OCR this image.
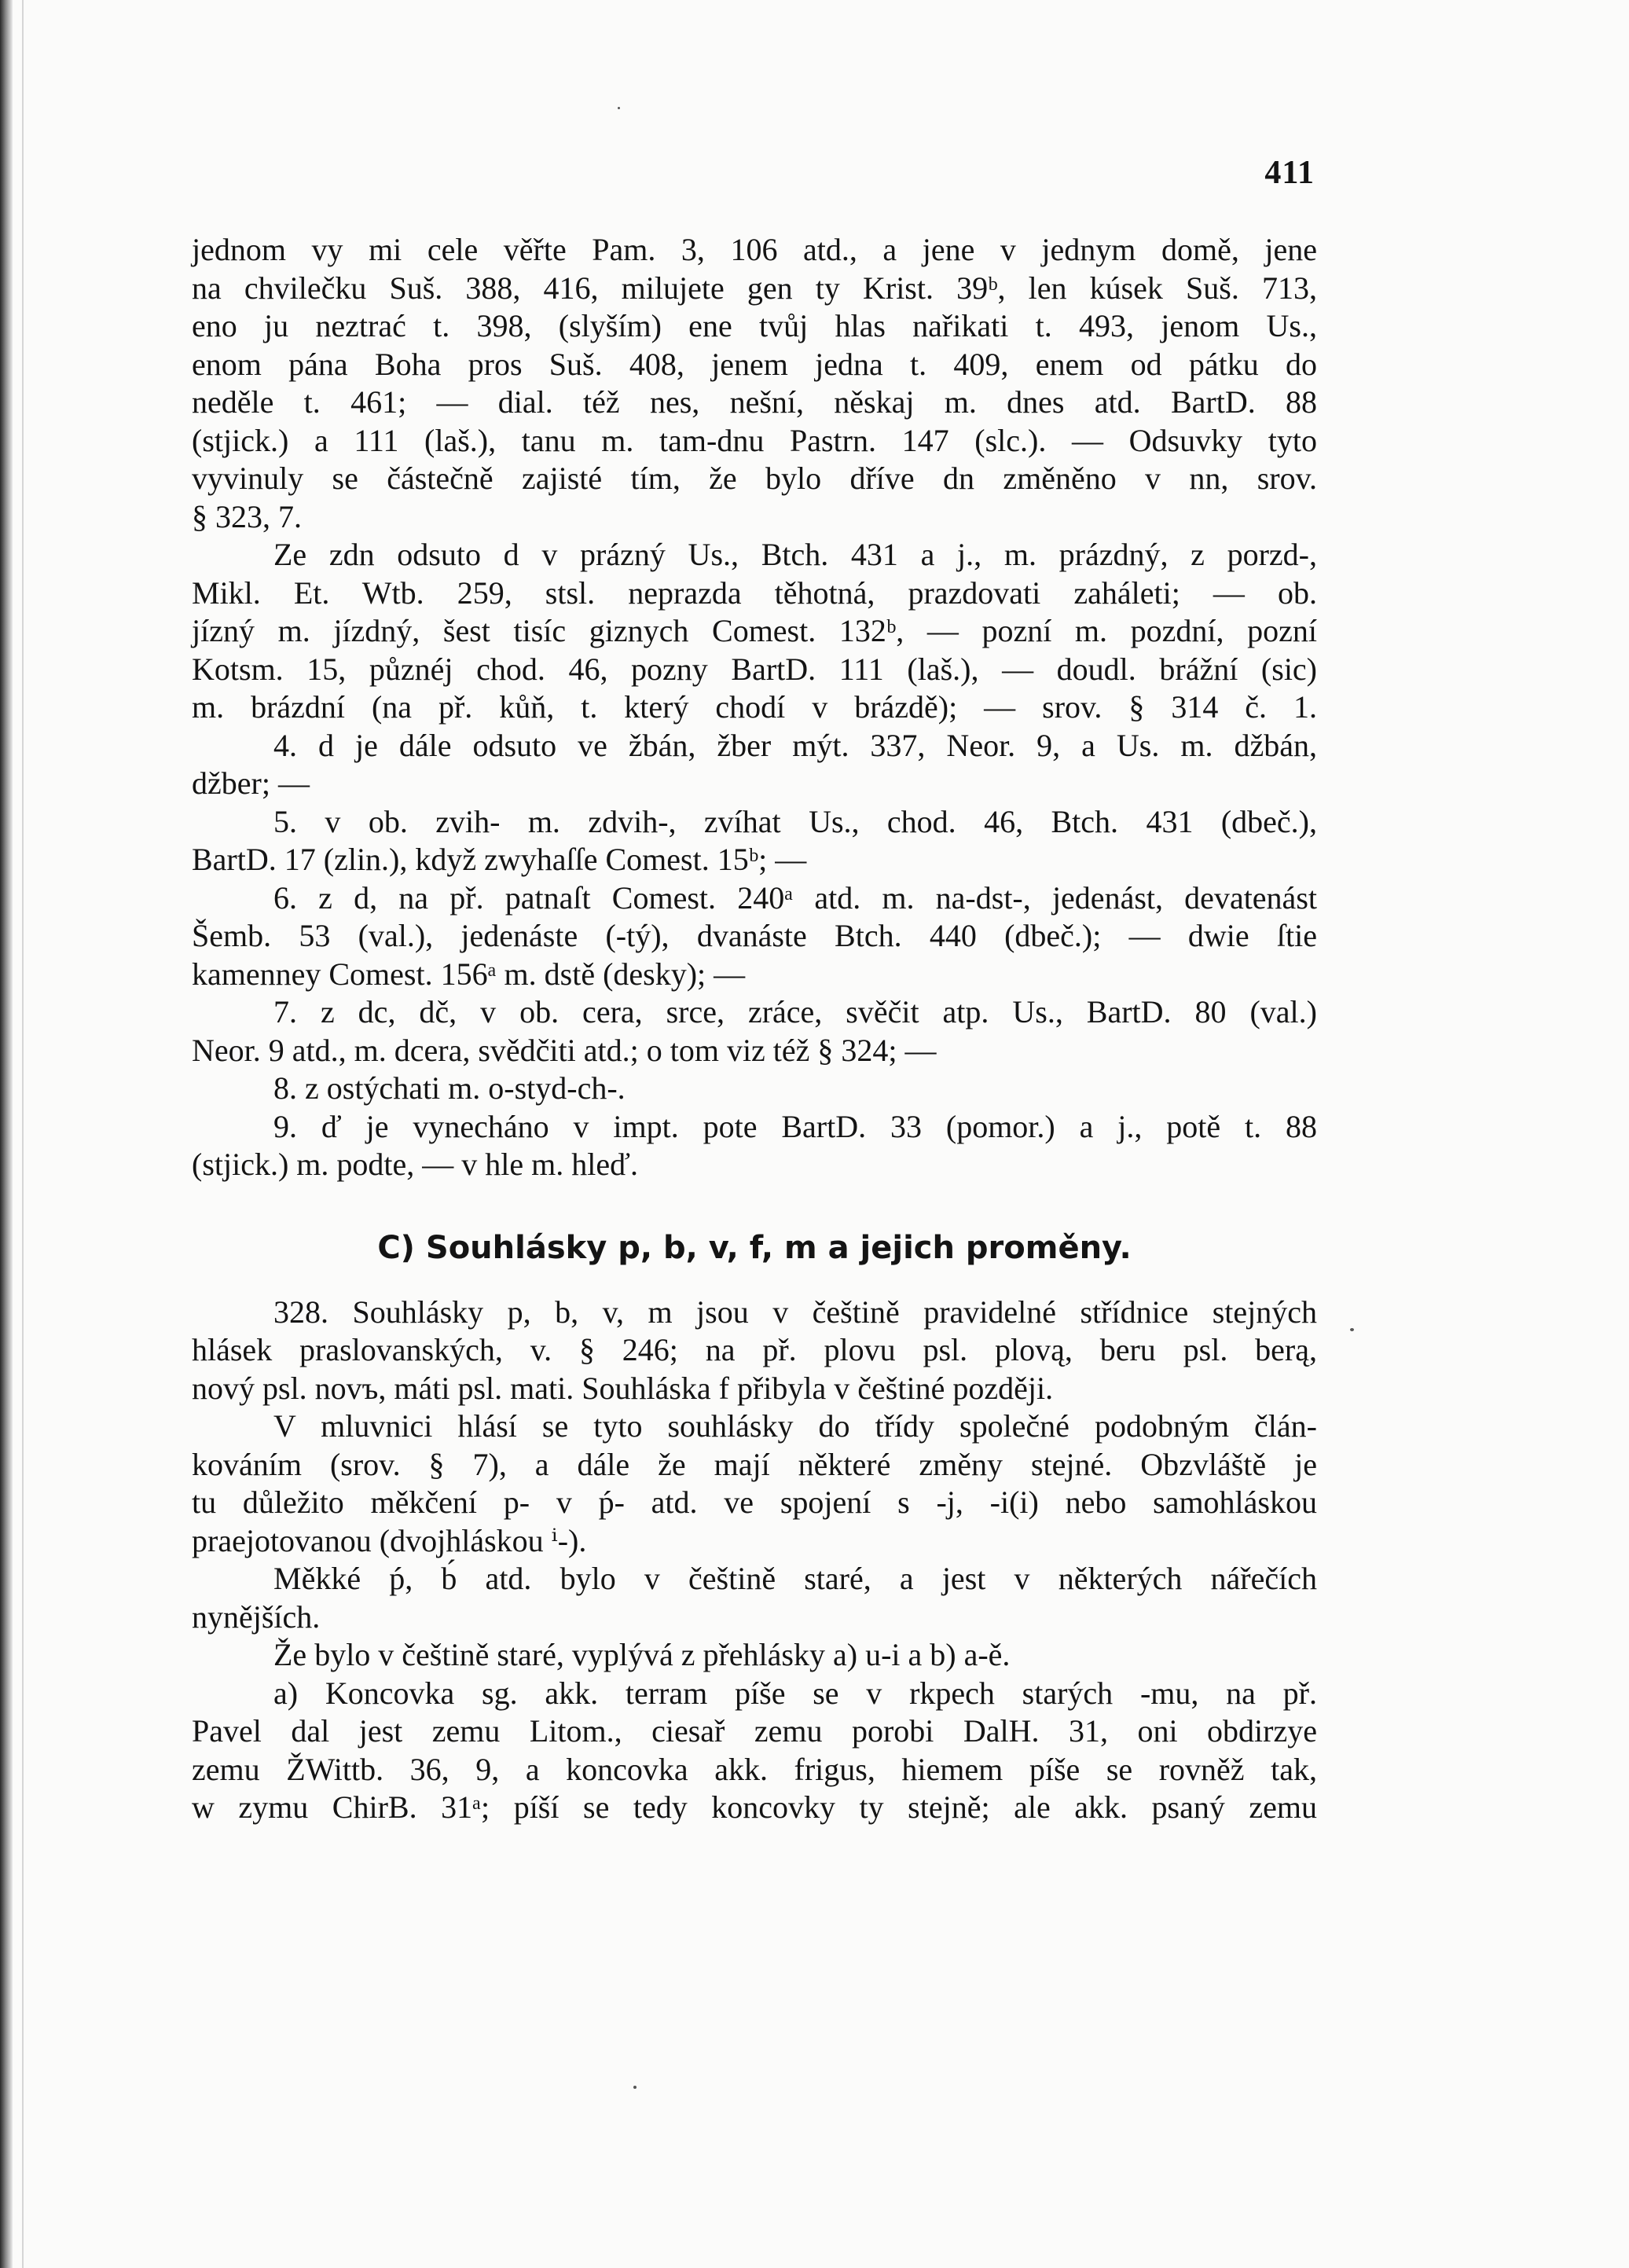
411
jednom vy mi cele věřte Pam. 3, 106 atd., a jene v jednym domě, jene
na chvilečku Suš. 388, 416, milujete gen ty Krist. 39ᵇ, len kúsek Suš. 713,
eno ju neztrać t. 398, (slyším) ene tvůj hlas nařikati t. 493, jenom Us.,
enom pána Boha pros Suš. 408, jenem jedna t. 409, enem od pátku do
neděle t. 461; — dial. též nes, nešní, něskaj m. dnes atd. BartD. 88
(stjick.) a 111 (laš.), tanu m. tam-dnu Pastrn. 147 (slc.). — Odsuvky tyto
vyvinuly se částečně zajisté tím, že bylo dříve dn změněno v nn, srov.
§ 323, 7.
Ze zdn odsuto d v prázný Us., Btch. 431 a j., m. prázdný, z porzd-,
Mikl. Et. Wtb. 259, stsl. neprazda těhotná, prazdovati zaháleti; — ob.
jízný m. jízdný, šest tisíc giznych Comest. 132ᵇ, — pozní m. pozdní, pozní
Kotsm. 15, půznéj chod. 46, pozny BartD. 111 (laš.), — doudl. brážní (sic)
m. brázdní (na př. kůň, t. který chodí v brázdě); — srov. § 314 č. 1.
4. d je dále odsuto ve žbán, žber mýt. 337, Neor. 9, a Us. m. džbán,
džber; —
5. v ob. zvih- m. zdvih-, zvíhat Us., chod. 46, Btch. 431 (dbeč.),
BartD. 17 (zlin.), když zwyhaſſe Comest. 15ᵇ; —
6. z d, na př. patnaſt Comest. 240ᵃ atd. m. na-dst-, jedenást, devatenást
Šemb. 53 (val.), jedenáste (-tý), dvanáste Btch. 440 (dbeč.); — dwie ſtie
kamenney Comest. 156ᵃ m. dstě (desky); —
7. z dc, dč, v ob. cera, srce, zráce, svěčit atp. Us., BartD. 80 (val.)
Neor. 9 atd., m. dcera, svědčiti atd.; o tom viz též § 324; —
8. z ostýchati m. o-styd-ch-.
9. ď je vynecháno v impt. pote BartD. 33 (pomor.) a j., potě t. 88
(stjick.) m. podte, — v hle m. hleď.
C) Souhlásky p, b, v, f, m a jejich proměny.
328. Souhlásky p, b, v, m jsou v češtině pravidelné střídnice stejných
hlásek praslovanských, v. § 246; na př. plovu psl. plovą, beru psl. berą,
nový psl. novъ, máti psl. mati. Souhláska f přibyla v češtiné později.
V mluvnici hlásí se tyto souhlásky do třídy společné podobným člán-
kováním (srov. § 7), a dále že mají některé změny stejné. Obzvláště je
tu důležito měkčení p- v ṕ- atd. ve spojení s -j, -i(i) nebo samohláskou
praejotovanou (dvojhláskou ⁱ-).
Měkké ṕ, b́ atd. bylo v češtině staré, a jest v některých nářečích
nynějších.
Že bylo v češtině staré, vyplývá z přehlásky a) u-i a b) a-ě.
a) Koncovka sg. akk. terram píše se v rkpech starých -mu, na př.
Pavel dal jest zemu Litom., ciesař zemu porobi DalH. 31, oni obdirzye
zemu ŽWittb. 36, 9, a koncovka akk. frigus, hiemem píše se rovněž tak,
w zymu ChirB. 31ᵃ; píší se tedy koncovky ty stejně; ale akk. psaný zemu
